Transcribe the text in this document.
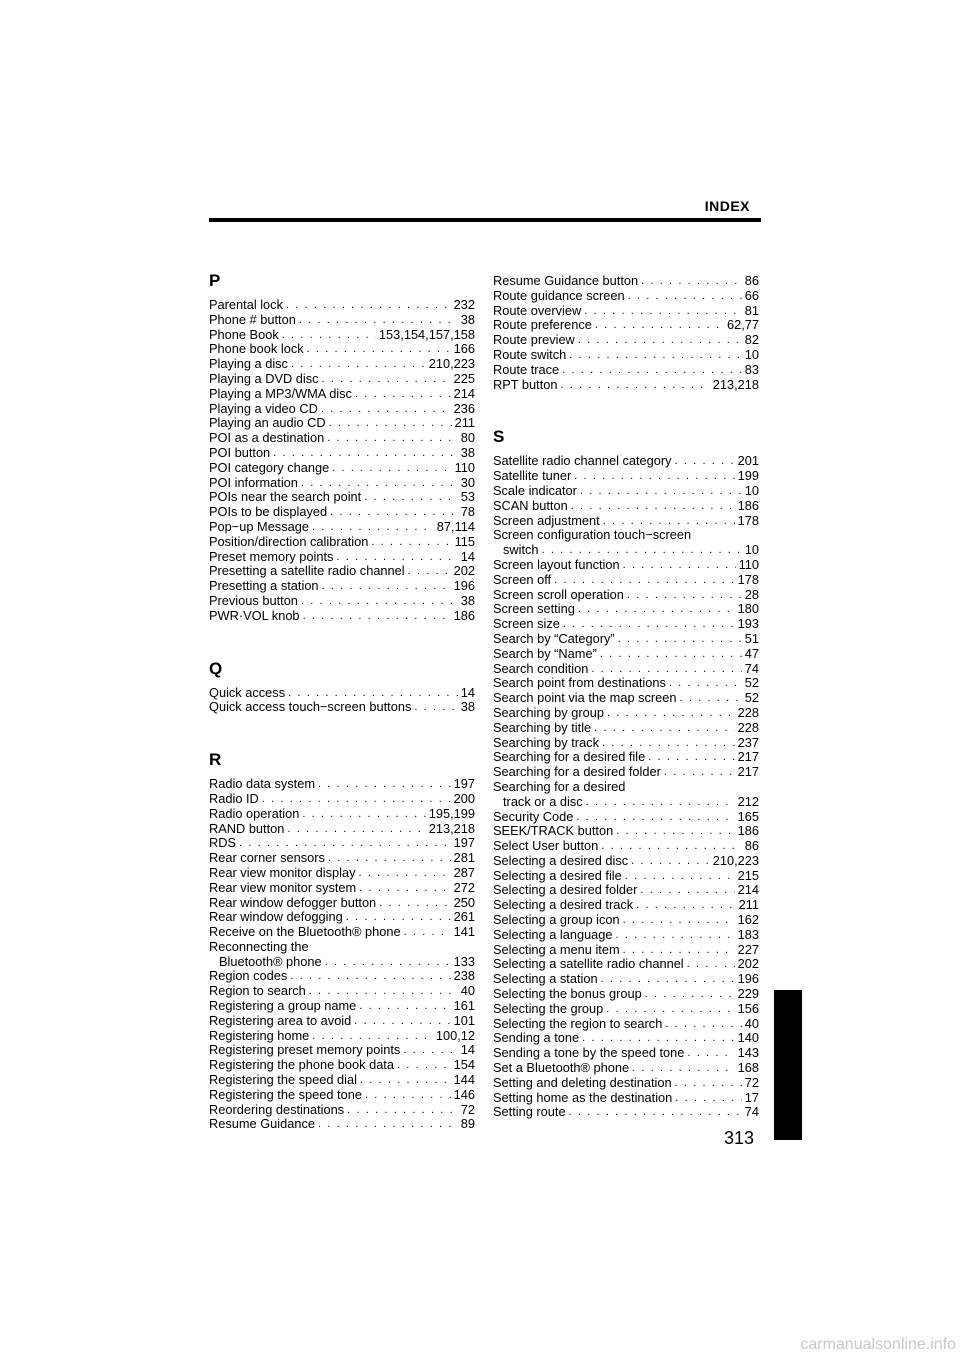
INDEX
P
Parental lock . . .	232
Phone # button . . .	38
Phone Book . . .	153,154,157,158
Phone book lock . . .	166
Playing a disc . . .	210,223
Playing a DVD disc . . .	225
Playing a MP3/WMA disc . . .	214
Playing a video CD . . .	236
Playing an audio CD . . .	211
POI as a destination . . .	80
POI button . . .	38
POI category change . . .	110
POI information . . .	30
POIs near the search point . . .	53
POIs to be displayed . . .	78
Pop−up Message . . .	87,114
Position/direction calibration . . .	115
Preset memory points . . .	14
Presetting a satellite radio channel . . .	202
Presetting a station . . .	196
Previous button . . .	38
PWR·VOL knob . . .	186
Q
Quick access . . .	14
Quick access touch−screen buttons . . .	38
R
Radio data system . . .	197
Radio ID . . .	200
Radio operation . . .	195,199
RAND button . . .	213,218
RDS . . .	197
Rear corner sensors . . .	281
Rear view monitor display . . .	287
Rear view monitor system . . .	272
Rear window defogger button . . .	250
Rear window defogging . . .	261
Receive on the Bluetooth® phone . . .	141
Reconnecting the
Bluetooth® phone . . .	133
Region codes . . .	238
Region to search . . .	40
Registering a group name . . .	161
Registering area to avoid . . .	101
Registering home . . .	100,12
Registering preset memory points . . .	14
Registering the phone book data . . .	154
Registering the speed dial . . .	144
Registering the speed tone . . .	146
Reordering destinations . . .	72
Resume Guidance . . .	89
Resume Guidance button . . .	86
Route guidance screen . . .	66
Route overview . . .	81
Route preference . . .	62,77
Route preview . . .	82
Route switch . . .	10
Route trace . . .	83
RPT button . . .	213,218
S
Satellite radio channel category . . .	201
Satellite tuner . . .	199
Scale indicator . . .	10
SCAN button . . .	186
Screen adjustment . . .	178
Screen configuration touch−screen
switch . . .	10
Screen layout function . . .	110
Screen off . . .	178
Screen scroll operation . . .	28
Screen setting . . .	180
Screen size . . .	193
Search by “Category” . . .	51
Search by “Name” . . .	47
Search condition . . .	74
Search point from destinations . . .	52
Search point via the map screen . . .	52
Searching by group . . .	228
Searching by title . . .	228
Searching by track . . .	237
Searching for a desired file . . .	217
Searching for a desired folder . . .	217
Searching for a desired
track or a disc . . .	212
Security Code . . .	165
SEEK/TRACK button . . .	186
Select User button . . .	86
Selecting a desired disc . . .	210,223
Selecting a desired file . . .	215
Selecting a desired folder . . .	214
Selecting a desired track . . .	211
Selecting a group icon . . .	162
Selecting a language . . .	183
Selecting a menu item . . .	227
Selecting a satellite radio channel . . .	202
Selecting a station . . .	196
Selecting the bonus group . . .	229
Selecting the group . . .	156
Selecting the region to search . . .	40
Sending a tone . . .	140
Sending a tone by the speed tone . . .	143
Set a Bluetooth® phone . . .	168
Setting and deleting destination . . .	72
Setting home as the destination . . .	17
Setting route . . .	74
313
carmanualsonline.info
